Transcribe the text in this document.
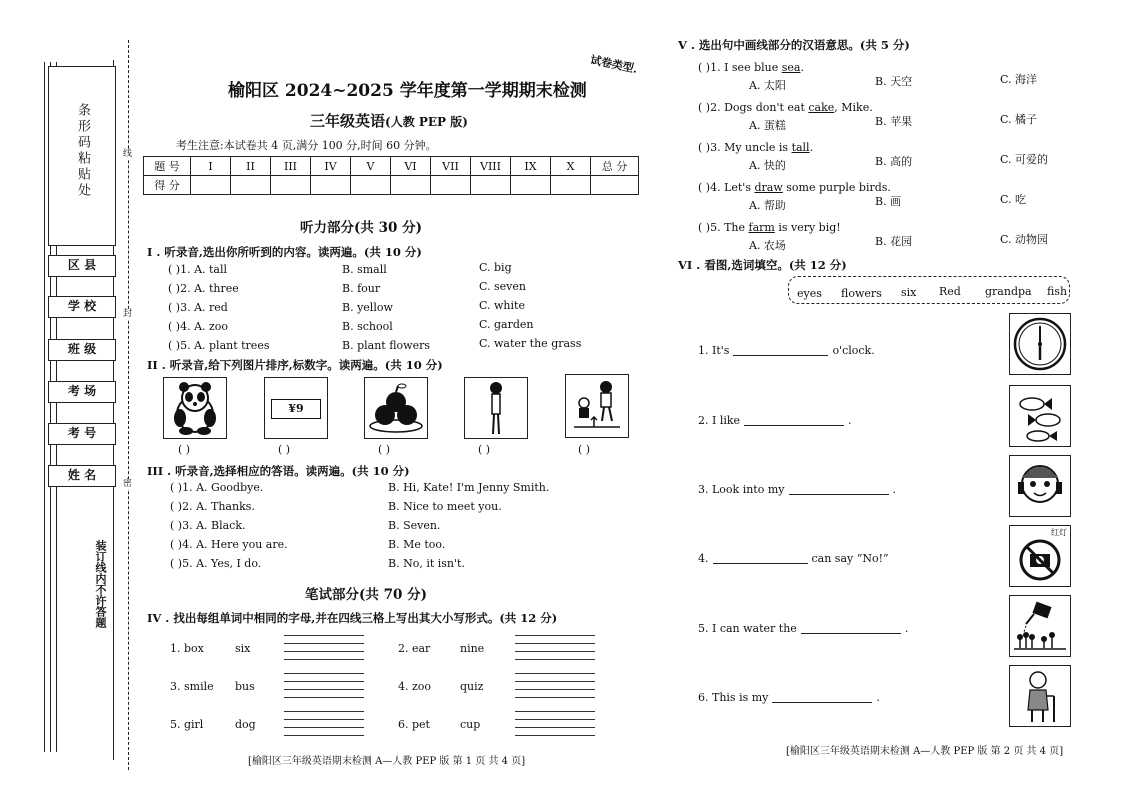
条形码粘贴处
区 县
学 校
班 级
考 场
考 号
姓 名
装订线内不许答题
线
封
密
试卷类型.
榆阳区 2024~2025 学年度第一学期期末检测
三年级英语(人教 PEP 版)
考生注意:本试卷共 4 页,满分 100 分,时间 60 分钟。
题 号	I	II	III	IV	V	VI	VII	VIII	IX	X	总 分
得 分											
听力部分(共 30 分)
I . 听录音,选出你所听到的内容。读两遍。(共 10 分)
( )1. A. tall	B. small	C. big
( )2. A. three	B. four	C. seven
( )3. A. red	B. yellow	C. white
( )4. A. zoo	B. school	C. garden
( )5. A. plant trees	B. plant flowers	C. water the grass
II . 听录音,给下列图片排序,标数字。读两遍。(共 10 分)
¥9
( )	( )	( )	( )	( )
III . 听录音,选择相应的答语。读两遍。(共 10 分)
( )1. A. Goodbye.	B. Hi, Kate! I'm Jenny Smith.
( )2. A. Thanks.	B. Nice to meet you.
( )3. A. Black.	B. Seven.
( )4. A. Here you are.	B. Me too.
( )5. A. Yes, I do.	B. No, it isn't.
笔试部分(共 70 分)
IV . 找出每组单词中相同的字母,并在四线三格上写出其大小写形式。(共 12 分)
1. box	six	2. ear	nine
3. smile bus	4. zoo	quiz
5. girl	dog	6. pet	cup
[榆阳区三年级英语期末检测 A—人教 PEP 版 第 1 页 共 4 页]
V . 选出句中画线部分的汉语意思。(共 5 分)
( )1. I see blue sea.
A. 太阳	B. 天空	C. 海洋
( )2. Dogs don't eat cake, Mike.
A. 蛋糕	B. 苹果	C. 橘子
( )3. My uncle is tall.
A. 快的	B. 高的	C. 可爱的
( )4. Let's draw some purple birds.
A. 帮助	B. 画	C. 吃
( )5. The farm is very big!
A. 农场	B. 花园	C. 动物园
VI . 看图,选词填空。(共 12 分)
eyes flowers six Red grandpa fish
1. It's	o'clock.
2. I like	.
3. Look into my	.
4.	can say “No!”
5. I can water the	.
6. This is my	.
红灯
[榆阳区三年级英语期末检测 A—人教 PEP 版 第 2 页 共 4 页]
